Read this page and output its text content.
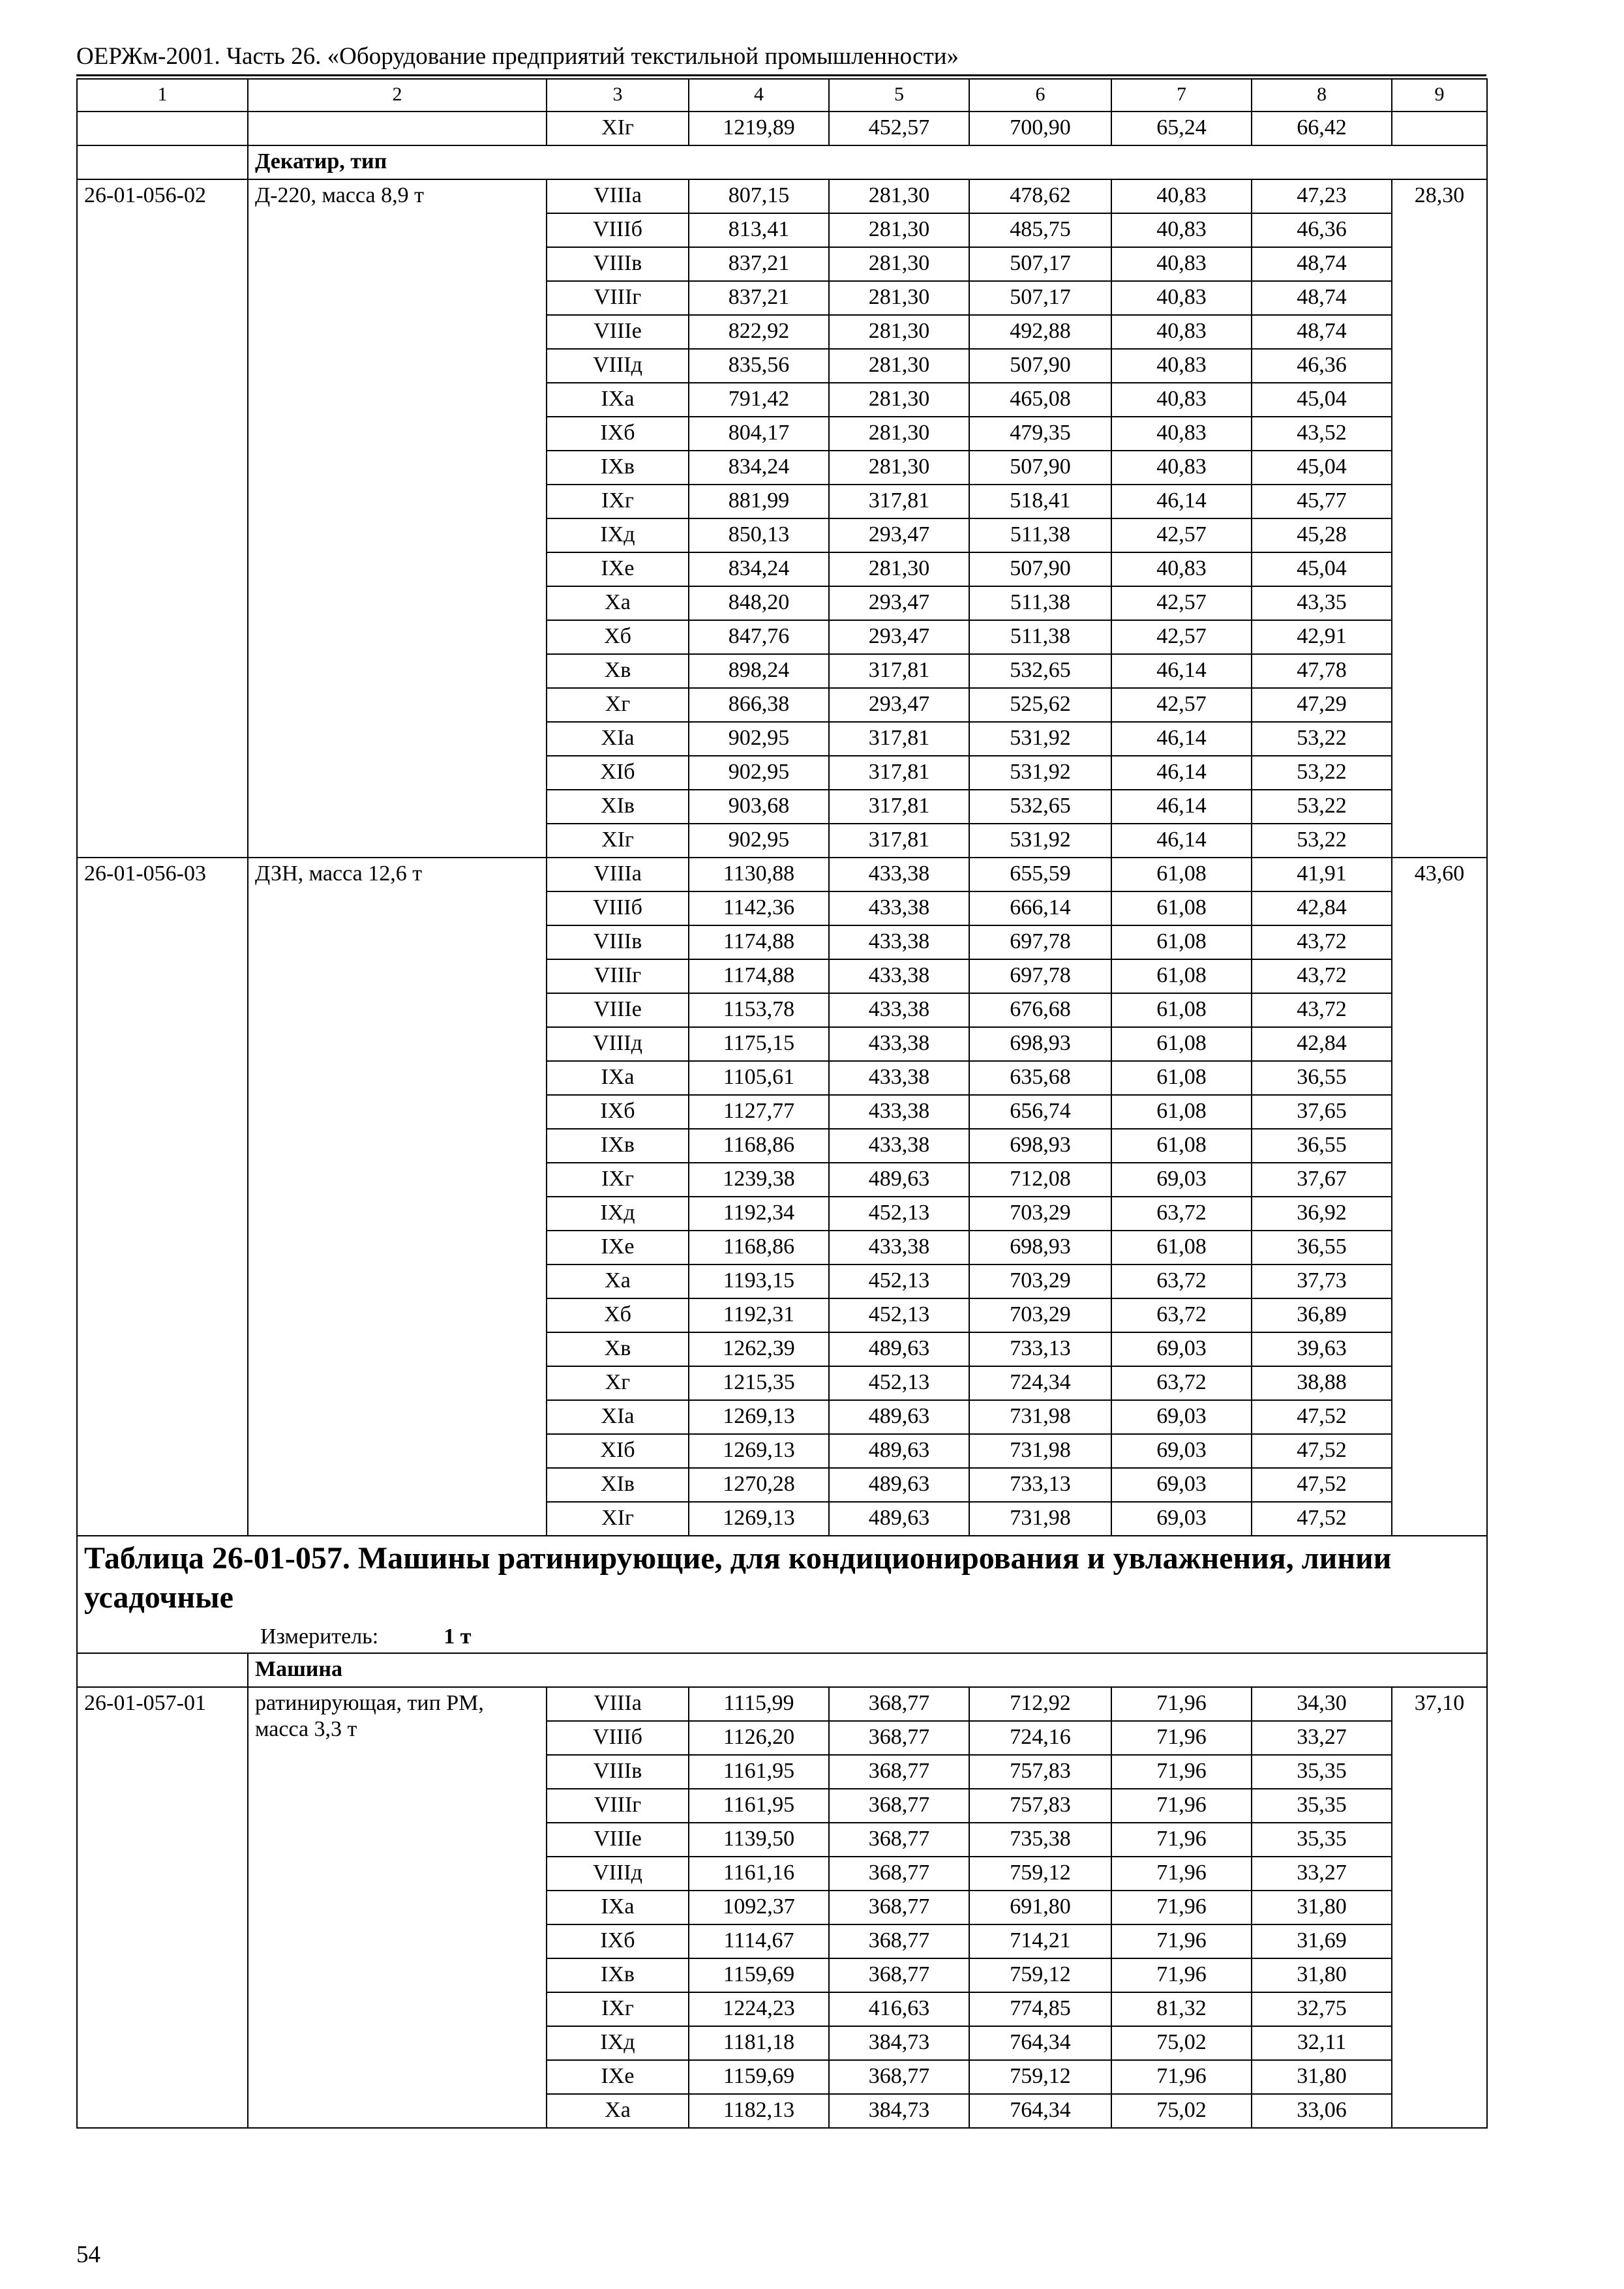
ОЕРЖм-2001. Часть 26. «Оборудование предприятий текстильной промышленности»
1	2	3	4	5	6	7	8	9
		XIг	1219,89	452,57	700,90	65,24	66,42	
	Декатир, тип							
26-01-056-02	Д-220, масса 8,9 т	VIIIа	807,15	281,30	478,62	40,83	47,23	28,30
		VIIIб	813,41	281,30	485,75	40,83	46,36	
		VIIIв	837,21	281,30	507,17	40,83	48,74	
		VIIIг	837,21	281,30	507,17	40,83	48,74	
		VIIIе	822,92	281,30	492,88	40,83	48,74	
		VIIIд	835,56	281,30	507,90	40,83	46,36	
		IXа	791,42	281,30	465,08	40,83	45,04	
		IXб	804,17	281,30	479,35	40,83	43,52	
		IXв	834,24	281,30	507,90	40,83	45,04	
		IXг	881,99	317,81	518,41	46,14	45,77	
		IXд	850,13	293,47	511,38	42,57	45,28	
		IXе	834,24	281,30	507,90	40,83	45,04	
		Xа	848,20	293,47	511,38	42,57	43,35	
		Xб	847,76	293,47	511,38	42,57	42,91	
		Xв	898,24	317,81	532,65	46,14	47,78	
		Xг	866,38	293,47	525,62	42,57	47,29	
		XIа	902,95	317,81	531,92	46,14	53,22	
		XIб	902,95	317,81	531,92	46,14	53,22	
		XIв	903,68	317,81	532,65	46,14	53,22	
		XIг	902,95	317,81	531,92	46,14	53,22	
26-01-056-03	ДЗН, масса 12,6 т	VIIIа	1130,88	433,38	655,59	61,08	41,91	43,60
		VIIIб	1142,36	433,38	666,14	61,08	42,84	
		VIIIв	1174,88	433,38	697,78	61,08	43,72	
		VIIIг	1174,88	433,38	697,78	61,08	43,72	
		VIIIе	1153,78	433,38	676,68	61,08	43,72	
		VIIIд	1175,15	433,38	698,93	61,08	42,84	
		IXа	1105,61	433,38	635,68	61,08	36,55	
		IXб	1127,77	433,38	656,74	61,08	37,65	
		IXв	1168,86	433,38	698,93	61,08	36,55	
		IXг	1239,38	489,63	712,08	69,03	37,67	
		IXд	1192,34	452,13	703,29	63,72	36,92	
		IXе	1168,86	433,38	698,93	61,08	36,55	
		Xа	1193,15	452,13	703,29	63,72	37,73	
		Xб	1192,31	452,13	703,29	63,72	36,89	
		Xв	1262,39	489,63	733,13	69,03	39,63	
		Xг	1215,35	452,13	724,34	63,72	38,88	
		XIа	1269,13	489,63	731,98	69,03	47,52	
		XIб	1269,13	489,63	731,98	69,03	47,52	
		XIв	1270,28	489,63	733,13	69,03	47,52	
		XIг	1269,13	489,63	731,98	69,03	47,52	

Таблица 26-01-057. Машины ратинирующие, для кондиционирования и увлажнения, линии усадочные
Измеритель: 1 т								

	Машина							
26-01-057-01	ратинирующая, тип РМ, масса 3,3 т	VIIIа	1115,99	368,77	712,92	71,96	34,30	37,10
		VIIIб	1126,20	368,77	724,16	71,96	33,27	
		VIIIв	1161,95	368,77	757,83	71,96	35,35	
		VIIIг	1161,95	368,77	757,83	71,96	35,35	
		VIIIе	1139,50	368,77	735,38	71,96	35,35	
		VIIIд	1161,16	368,77	759,12	71,96	33,27	
		IXа	1092,37	368,77	691,80	71,96	31,80	
		IXб	1114,67	368,77	714,21	71,96	31,69	
		IXв	1159,69	368,77	759,12	71,96	31,80	
		IXг	1224,23	416,63	774,85	81,32	32,75	
		IXд	1181,18	384,73	764,34	75,02	32,11	
		IXе	1159,69	368,77	759,12	71,96	31,80	
		Xа	1182,13	384,73	764,34	75,02	33,06	
54
